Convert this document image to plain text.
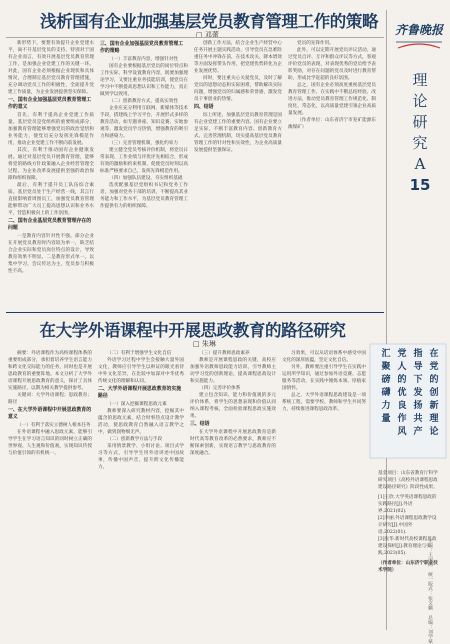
浅析国有企业加强基层党员教育管理工作的策略
□ 邓蕾

新形势下，要想有效提升企业党建水平，离不开基层党员的支持，特别对于国有企业而言，有效开展基层党员教育管理工作，是加强企业党建工作的关键一环。对此，国有企业必须根据企业现状和具体情况，合理制定基层党员教育管理措施，充分调动党员工作的积极性，全面提升党建工作质量，为企业发展提供坚实保障。

一、国有企业加强基层党员教育管理工作的意义

首先，有利于提高企业党建工作质量。基层党员是党组织的重要组成部分，加强教育管理能够增强党员的政治觉悟和业务能力，使党员充分发挥先锋模范作用，推动企业党建工作不断向前发展。

其次，有利于推动国有企业健康发展。通过对基层党员开展教育管理，能够将党的路线方针政策融入企业经营管理全过程，为企业改革发展提供坚强的政治保障和组织保障。

最后，有利于提升员工队伍综合素质。基层党员处于生产经营一线，其言行直接影响着周围员工，加强党员教育管理能够带动广大员工提高思想认识和业务水平，营造积极向上的工作氛围。

二、国有企业基层党员教育管理存在的问题

一是教育内容针对性不强。部分企业在开展党员教育时内容较为单一，缺乏结合企业实际和党员岗位特点的设计，导致教育效果不明显。二是教育形式单一。以集中学习、会议传达为主，党员参与积极性不高。

三、国有企业加强基层党员教育管理工作的策略

（一）丰富教育内容，增强针对性

国有企业要根据基层党员的岗位特点和工作实际，科学设置教育内容，既要加强理论学习，又要注重业务技能培训，使党员在学习中不断提高思想认识和工作能力，真正做到学以致用。

（二）创新教育方式，提高实效性

企业应充分利用互联网、新媒体等技术手段，搭建线上学习平台，开展形式多样的教育活动，如专题讲座、知识竞赛、实地参观等，激发党员学习热情，增强教育的吸引力和感染力。

（三）完善管理机制，强化约束力

建立健全党员考核评价机制，将党员日常表现、工作业绩与评优评先相结合，形成有效的激励和约束机制，促使党员时刻以高标准严格要求自己，发挥先锋模范作用。

（四）加强队伍建设，夯实组织基础

选优配强基层党组织书记和党务工作者，加强对党务干部的培训，不断提高其业务能力和工作水平，为基层党员教育管理工作提供有力的组织保障。

创新工作方法，结合企业生产经营中心任务开展主题实践活动，引导党员在急难险重任务中冲锋在前，在技术攻关、降本增效等方面发挥带头作用，把党建优势转化为企业发展优势。

同时，要注重关心关爱党员，及时了解党员的思想动态和实际困难，帮助解决实际问题，增强党员的归属感和荣誉感，激发党员干事创业的热情。

四、结语

综上所述，加强基层党员教育管理是国有企业党建工作的重要内容。国有企业要立足实际，不断丰富教育内容、创新教育方式、完善管理机制，切实提高基层党员教育管理工作的针对性和实效性，为企业高质量发展提供坚强保证。

党员的先锋作用。

此外，可以定期开展党员评议活动，通过党员自评、互评和群众评议等方式，客观评价党员的表现，对表现优秀的党员给予表彰奖励，对存在问题的党员及时进行教育帮助，形成比学赶超的良好氛围。

总之，国有企业必须高度重视基层党员教育管理工作，在实践中不断总结经验、改进方法，推动党员教育管理工作规范化、制度化、常态化，以高质量党建引领企业高质量发展。

（作者单位：山东省济宁市兖矿能源东滩煤矿）

齐鲁晚报
理
论
研
究
A
15
在大学外语课程中开展思政教育的路径研究
□ 朱琳
在
党
的
创
新
理
论
指
导
下
发
扬
共
产
党
人
的
优
良
作
风
汇
聚
磅
礴
力
量

摘要：外语课程作为高校课程体系的重要组成部分，承担着培养学生语言能力和跨文化交际能力的任务，同时也是开展思政教育的重要阵地。本文分析了大学外语课程开展思政教育的意义，探讨了具体实施路径，以期为相关教学提供参考。

关键词：大学外语课程；思政教育；路径

一、在大学外语课程中开展思政教育的意义

（一）有利于落实立德树人根本任务

在外语课程中融入思政元素，能够引导学生在学习语言知识的同时树立正确的世界观、人生观和价值观，实现知识传授与价值引领的有机统一。

（二）有利于增强学生文化自信

外语学习过程中学生会接触大量外国文化，教师应引导学生以辩证的眼光看待中外文化差异，在比较中加深对中华优秀传统文化的理解和认同。

二、大学外语课程开展思政教育的实施路径

（一）深入挖掘课程思政元素

教师要深入研究教材内容，挖掘其中蕴含的思政元素，结合时事热点设计教学活动，使思政教育自然融入语言教学之中，做到润物细无声。

（二）创新教学方法与手段

采用情景教学、小组讨论、项目式学习等方式，引导学生用外语讲述中国故事，传播中国声音，提升跨文化传播能力。

（三）提升教师思政素养

教师是开展课程思政的关键，高校应加强外语教师思政能力培训，引导教师主动学习党的创新理论，提高课程思政设计和实施能力。

（四）完善评价体系

建立包含知识、能力和价值观的多元评价体系，将学生的思想表现和价值认同纳入课程考核，全面检验课程思政实施效果。

三、结语

在大学外语课程中开展思政教育是新时代高等教育改革的必然要求，教师应不断探索创新，实现语言教学与思政教育的深度融合。

习效果，可以从话语体系中感受中国文化的深厚底蕴，坚定文化自信。

另外，教师要注重引导学生在实践中运用所学知识，通过参加外语竞赛、志愿服务等活动，在实践中锤炼本领、厚植家国情怀。

总之，大学外语课程思政建设是一项系统工程，需要学校、教师和学生共同努力，持续推进课程思政改革。

基金项目：山东省教育厅科学研究项目《高校外语课程思政建设路径研究》阶段性成果。
[1]王欣.大学英语课程思政的实践路径[J].外语界,2021(02).
[2]李丽.外语课程思政教学设计研究[J].中国外语,2022(01).
[3]张华.新时代高校课程思政建设探析[J].教育理论与实践,2023(05).
（作者单位：山东济宁职业技术学院）	主编：王丽鸿　统一版式：张文鹏　总编：刘学斌
